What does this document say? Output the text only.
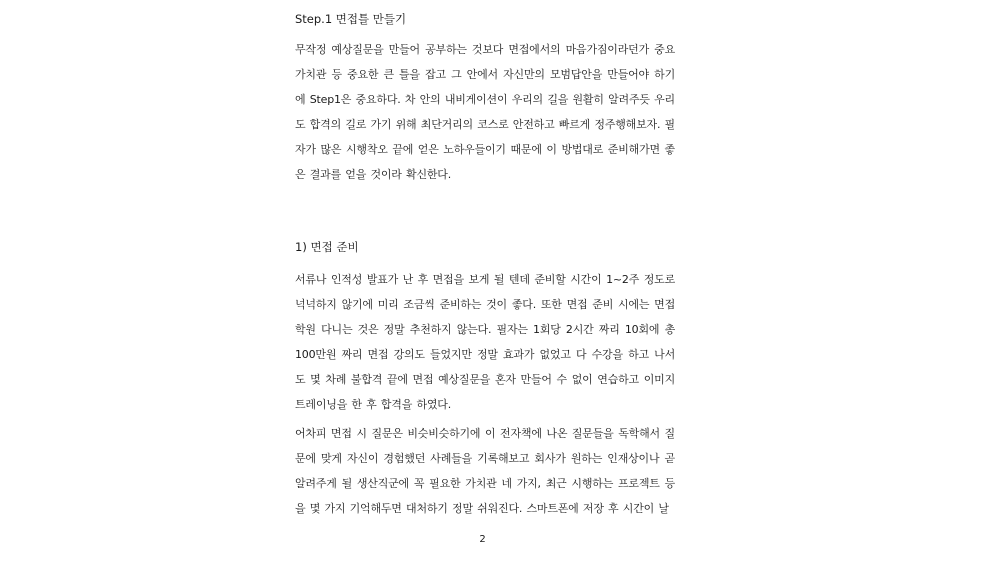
Step.1 면접틀 만들기

무작정 예상질문을 만들어 공부하는 것보다 면접에서의 마음가짐이라던가 중요가치관 등 중요한 큰 틀을 잡고 그 안에서 자신만의 모범답안을 만들어야 하기에 Step1은 중요하다. 차 안의 내비게이션이 우리의 길을 원활히 알려주듯 우리도 합격의 길로 가기 위해 최단거리의 코스로 안전하고 빠르게 정주행해보자. 필자가 많은 시행착오 끝에 얻은 노하우들이기 때문에 이 방법대로 준비해가면 좋은 결과를 얻을 것이라 확신한다.

1) 면접 준비

서류나 인적성 발표가 난 후 면접을 보게 될 텐데 준비할 시간이 1~2주 정도로 넉넉하지 않기에 미리 조금씩 준비하는 것이 좋다. 또한 면접 준비 시에는 면접 학원 다니는 것은 정말 추천하지 않는다. 필자는 1회당 2시간 짜리 10회에 총 100만원 짜리 면접 강의도 들었지만 정말 효과가 없었고 다 수강을 하고 나서도 몇 차례 불합격 끝에 면접 예상질문을 혼자 만들어 수 없이 연습하고 이미지트레이닝을 한 후 합격을 하였다.

어차피 면접 시 질문은 비슷비슷하기에 이 전자책에 나온 질문들을 독학해서 질문에 맞게 자신이 경험했던 사례들을 기록해보고 회사가 원하는 인재상이나 곧 알려주게 될 생산직군에 꼭 필요한 가치관 네 가지, 최근 시행하는 프로젝트 등을 몇 가지 기억해두면 대처하기 정말 쉬워진다. 스마트폰에 저장 후 시간이 날

2
